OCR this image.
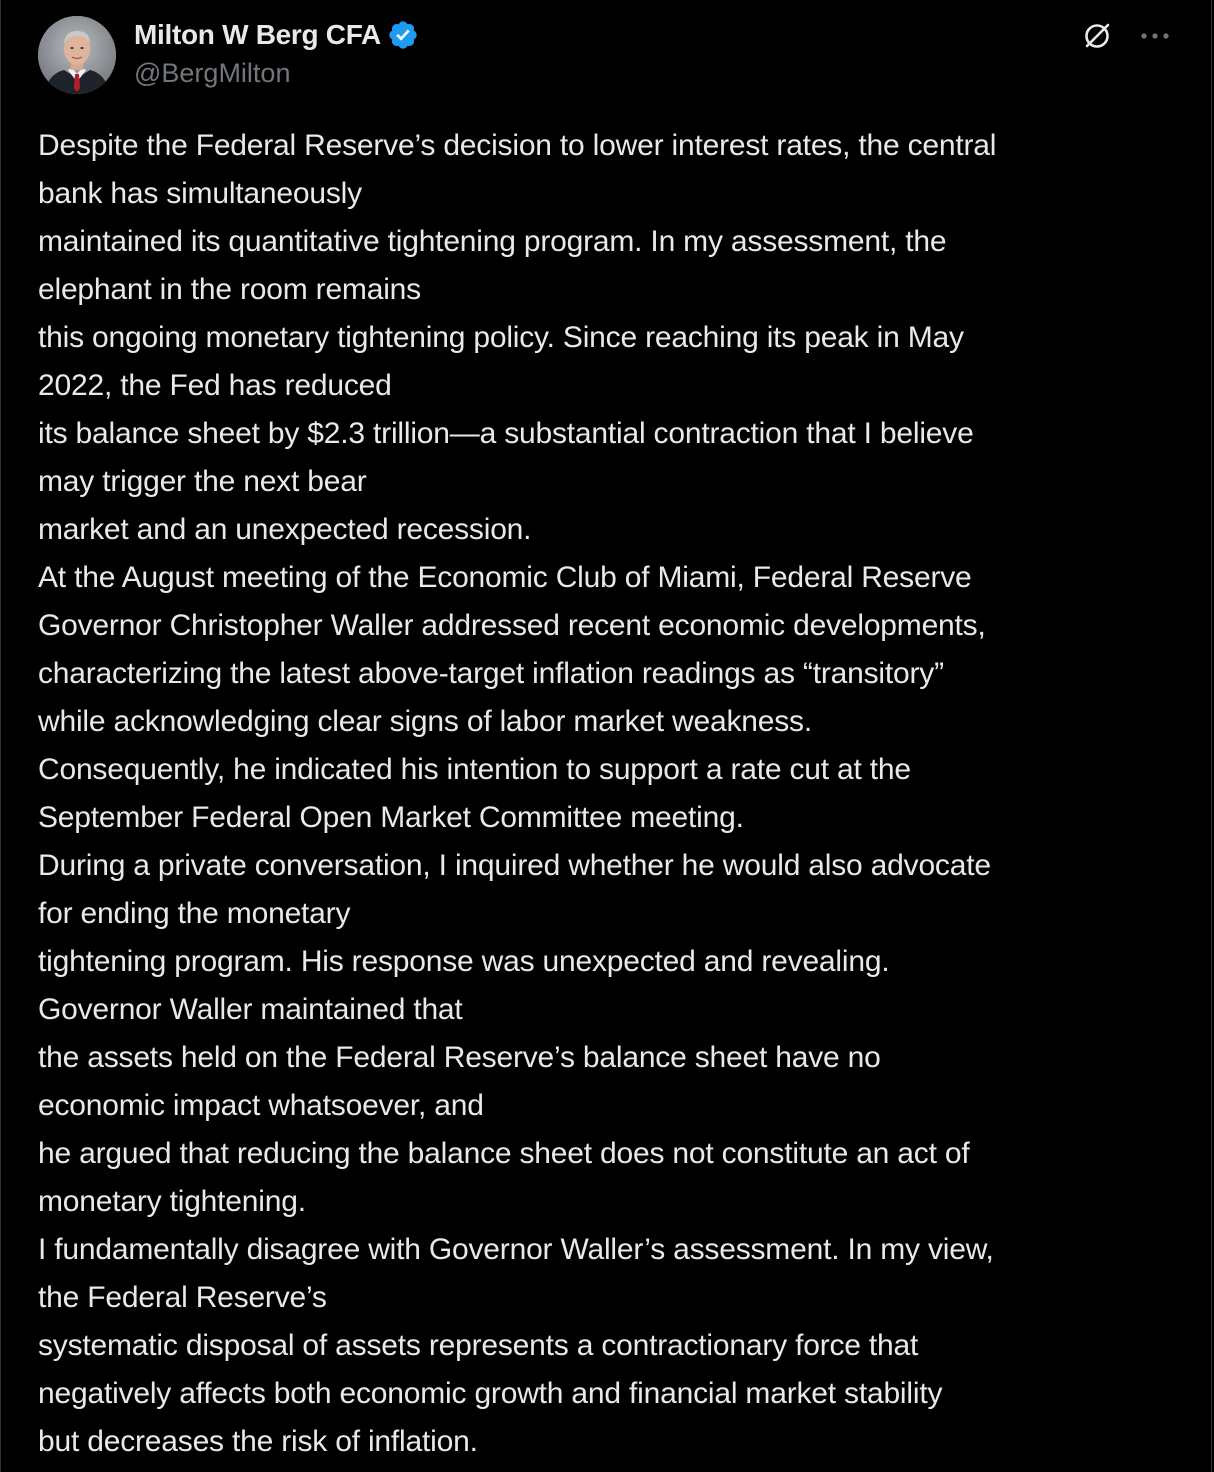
Milton W Berg CFA
@BergMilton
Despite the Federal Reserve’s decision to lower interest rates, the central
bank has simultaneously
maintained its quantitative tightening program. In my assessment, the
elephant in the room remains
this ongoing monetary tightening policy. Since reaching its peak in May
2022, the Fed has reduced
its balance sheet by $2.3 trillion—a substantial contraction that I believe
may trigger the next bear
market and an unexpected recession.
At the August meeting of the Economic Club of Miami, Federal Reserve
Governor Christopher Waller addressed recent economic developments,
characterizing the latest above-target inflation readings as “transitory”
while acknowledging clear signs of labor market weakness.
Consequently, he indicated his intention to support a rate cut at the
September Federal Open Market Committee meeting.
During a private conversation, I inquired whether he would also advocate
for ending the monetary
tightening program. His response was unexpected and revealing.
Governor Waller maintained that
the assets held on the Federal Reserve’s balance sheet have no
economic impact whatsoever, and
he argued that reducing the balance sheet does not constitute an act of
monetary tightening.
I fundamentally disagree with Governor Waller’s assessment. In my view,
the Federal Reserve’s
systematic disposal of assets represents a contractionary force that
negatively affects both economic growth and financial market stability
but decreases the risk of inflation.
